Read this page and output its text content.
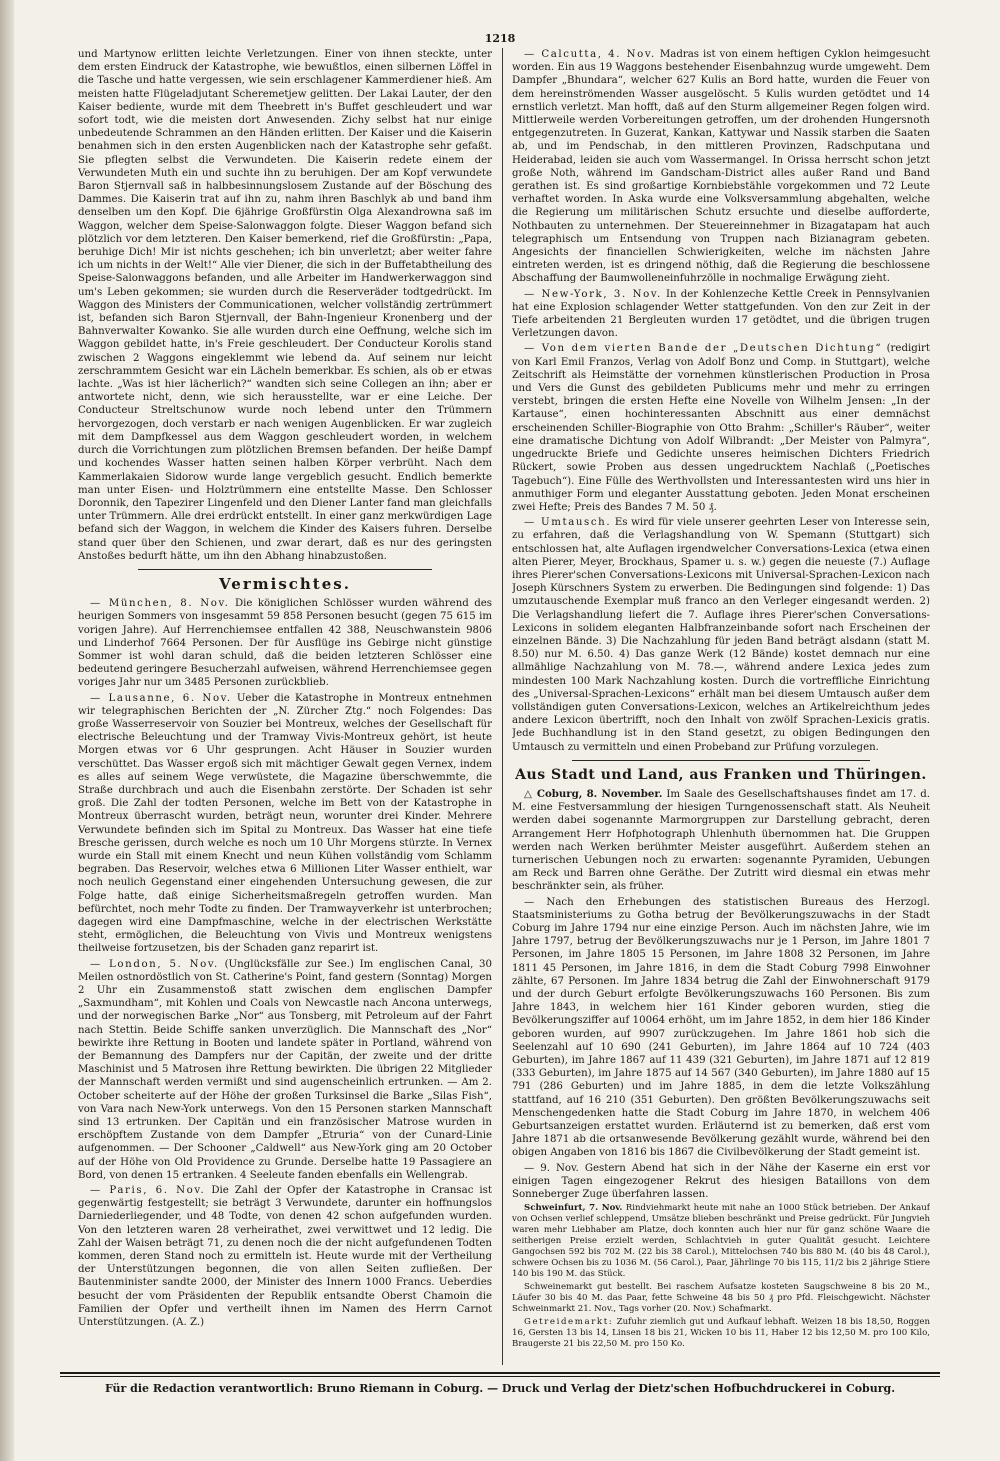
1218

und Martynow erlitten leichte Verletzungen. Einer von ihnen steckte, unter dem ersten Eindruck der Katastrophe, wie bewußtlos, einen silbernen Löffel in die Tasche und hatte vergessen, wie sein erschlagener Kammerdiener hieß. Am meisten hatte Flügeladjutant Scheremetjew gelitten. Der Lakai Lauter, der den Kaiser bediente, wurde mit dem Theebrett in's Buffet geschleudert und war sofort todt, wie die meisten dort Anwesenden. Zichy selbst hat nur einige unbedeutende Schrammen an den Händen erlitten. Der Kaiser und die Kaiserin benahmen sich in den ersten Augenblicken nach der Katastrophe sehr gefaßt. Sie pflegten selbst die Verwundeten. Die Kaiserin redete einem der Verwundeten Muth ein und suchte ihn zu beruhigen. Der am Kopf verwundete Baron Stjernvall saß in halbbesinnungslosem Zustande auf der Böschung des Dammes. Die Kaiserin trat auf ihn zu, nahm ihren Baschlyk ab und band ihm denselben um den Kopf. Die 6jährige Großfürstin Olga Alexandrowna saß im Waggon, welcher dem Speise-Salonwaggon folgte. Dieser Waggon befand sich plötzlich vor dem letzteren. Den Kaiser bemerkend, rief die Großfürstin: „Papa, beruhige Dich! Mir ist nichts geschehen; ich bin unverletzt; aber weiter fahre ich um nichts in der Welt!“ Alle vier Diener, die sich in der Buffetabtheilung des Speise-Salonwaggons befanden, und alle Arbeiter im Handwerkerwaggon sind um's Leben gekommen; sie wurden durch die Reserveräder todtgedrückt. Im Waggon des Ministers der Communicationen, welcher vollständig zertrümmert ist, befanden sich Baron Stjernvall, der Bahn-Ingenieur Kronenberg und der Bahnverwalter Kowanko. Sie alle wurden durch eine Oeffnung, welche sich im Waggon gebildet hatte, in's Freie geschleudert. Der Conducteur Korolis stand zwischen 2 Waggons eingeklemmt wie lebend da. Auf seinem nur leicht zerschrammtem Gesicht war ein Lächeln bemerkbar. Es schien, als ob er etwas lachte. „Was ist hier lächerlich?“ wandten sich seine Collegen an ihn; aber er antwortete nicht, denn, wie sich herausstellte, war er eine Leiche. Der Conducteur Streltschunow wurde noch lebend unter den Trümmern hervorgezogen, doch verstarb er nach wenigen Augenblicken. Er war zugleich mit dem Dampfkessel aus dem Waggon geschleudert worden, in welchem durch die Vorrichtungen zum plötzlichen Bremsen befanden. Der heiße Dampf und kochendes Wasser hatten seinen halben Körper verbrüht. Nach dem Kammerlakaien Sidorow wurde lange vergeblich gesucht. Endlich bemerkte man unter Eisen- und Holztrümmern eine entstellte Masse. Den Schlosser Doronnik, den Tapezirer Lingenfeld und den Diener Lanter fand man gleichfalls unter Trümmern. Alle drei erdrückt entstellt. In einer ganz merkwürdigen Lage befand sich der Waggon, in welchem die Kinder des Kaisers fuhren. Derselbe stand quer über den Schienen, und zwar derart, daß es nur des geringsten Anstoßes bedurft hätte, um ihn den Abhang hinabzustoßen.

Vermischtes.

— München, 8. Nov. Die königlichen Schlösser wurden während des heurigen Sommers von insgesammt 59 858 Personen besucht (gegen 75 615 im vorigen Jahre). Auf Herrenchiemsee entfallen 42 388, Neuschwanstein 9806 und Linderhof 7664 Personen. Der für Ausflüge ins Gebirge nicht günstige Sommer ist wohl daran schuld, daß die beiden letzteren Schlösser eine bedeutend geringere Besucherzahl aufweisen, während Herrenchiemsee gegen voriges Jahr nur um 3485 Personen zurückblieb.

— Lausanne, 6. Nov. Ueber die Katastrophe in Montreux entnehmen wir telegraphischen Berichten der „N. Zürcher Ztg.“ noch Folgendes: Das große Wasserreservoir von Souzier bei Montreux, welches der Gesellschaft für electrische Beleuchtung und der Tramway Vivis-Montreux gehört, ist heute Morgen etwas vor 6 Uhr gesprungen. Acht Häuser in Souzier wurden verschüttet. Das Wasser ergoß sich mit mächtiger Gewalt gegen Vernex, indem es alles auf seinem Wege verwüstete, die Magazine überschwemmte, die Straße durchbrach und auch die Eisenbahn zerstörte. Der Schaden ist sehr groß. Die Zahl der todten Personen, welche im Bett von der Katastrophe in Montreux überrascht wurden, beträgt neun, worunter drei Kinder. Mehrere Verwundete befinden sich im Spital zu Montreux. Das Wasser hat eine tiefe Bresche gerissen, durch welche es noch um 10 Uhr Morgens stürzte. In Vernex wurde ein Stall mit einem Knecht und neun Kühen vollständig vom Schlamm begraben. Das Reservoir, welches etwa 6 Millionen Liter Wasser enthielt, war noch neulich Gegenstand einer eingehenden Untersuchung gewesen, die zur Folge hatte, daß einige Sicherheitsmaßregeln getroffen wurden. Man befürchtet, noch mehr Todte zu finden. Der Tramwayverkehr ist unterbrochen; dagegen wird eine Dampfmaschine, welche in der electrischen Werkstätte steht, ermöglichen, die Beleuchtung von Vivis und Montreux wenigstens theilweise fortzusetzen, bis der Schaden ganz reparirt ist.

— London, 5. Nov. (Unglücksfälle zur See.) Im englischen Canal, 30 Meilen ostnordöstlich von St. Catherine's Point, fand gestern (Sonntag) Morgen 2 Uhr ein Zusammenstoß statt zwischen dem englischen Dampfer „Saxmundham“, mit Kohlen und Coals von Newcastle nach Ancona unterwegs, und der norwegischen Barke „Nor“ aus Tonsberg, mit Petroleum auf der Fahrt nach Stettin. Beide Schiffe sanken unverzüglich. Die Mannschaft des „Nor“ bewirkte ihre Rettung in Booten und landete später in Portland, während von der Bemannung des Dampfers nur der Capitän, der zweite und der dritte Maschinist und 5 Matrosen ihre Rettung bewirkten. Die übrigen 22 Mitglieder der Mannschaft werden vermißt und sind augenscheinlich ertrunken. — Am 2. October scheiterte auf der Höhe der großen Turksinsel die Barke „Silas Fish“, von Vara nach New-York unterwegs. Von den 15 Personen starken Mannschaft sind 13 ertrunken. Der Capitän und ein französischer Matrose wurden in erschöpftem Zustande von dem Dampfer „Etruria“ von der Cunard-Linie aufgenommen. — Der Schooner „Caldwell“ aus New-York ging am 20 October auf der Höhe von Old Providence zu Grunde. Derselbe hatte 19 Passagiere an Bord, von denen 15 ertranken. 4 Seeleute fanden ebenfalls ein Wellengrab.

— Paris, 6. Nov. Die Zahl der Opfer der Katastrophe in Cransac ist gegenwärtig festgestellt; sie beträgt 3 Verwundete, darunter ein hoffnungslos Darniederliegender, und 48 Todte, von denen 42 schon aufgefunden wurden. Von den letzteren waren 28 verheirathet, zwei verwittwet und 12 ledig. Die Zahl der Waisen beträgt 71, zu denen noch die der nicht aufgefundenen Todten kommen, deren Stand noch zu ermitteln ist. Heute wurde mit der Vertheilung der Unterstützungen begonnen, die von allen Seiten zufließen. Der Bautenminister sandte 2000, der Minister des Innern 1000 Francs. Ueberdies besucht der vom Präsidenten der Republik entsandte Oberst Chamoin die Familien der Opfer und vertheilt ihnen im Namen des Herrn Carnot Unterstützungen. (A. Z.)

— Calcutta, 4. Nov. Madras ist von einem heftigen Cyklon heimgesucht worden. Ein aus 19 Waggons bestehender Eisenbahnzug wurde umgeweht. Dem Dampfer „Bhundara“, welcher 627 Kulis an Bord hatte, wurden die Feuer von dem hereinströmenden Wasser ausgelöscht. 5 Kulis wurden getödtet und 14 ernstlich verletzt. Man hofft, daß auf den Sturm allgemeiner Regen folgen wird. Mittlerweile werden Vorbereitungen getroffen, um der drohenden Hungersnoth entgegenzutreten. In Guzerat, Kankan, Kattywar und Nassik starben die Saaten ab, und im Pendschab, in den mittleren Provinzen, Radschputana und Heiderabad, leiden sie auch vom Wassermangel. In Orissa herrscht schon jetzt große Noth, während im Gandscham-District alles außer Rand und Band gerathen ist. Es sind großartige Kornbiebstähle vorgekommen und 72 Leute verhaftet worden. In Aska wurde eine Volksversammlung abgehalten, welche die Regierung um militärischen Schutz ersuchte und dieselbe aufforderte, Nothbauten zu unternehmen. Der Steuereinnehmer in Bizagatapam hat auch telegraphisch um Entsendung von Truppen nach Bizianagram gebeten. Angesichts der financiellen Schwierigkeiten, welche im nächsten Jahre eintreten werden, ist es dringend nöthig, daß die Regierung die beschlossene Abschaffung der Baumwolleneinfuhrzölle in nochmalige Erwägung zieht.

— New-York, 3. Nov. In der Kohlenzeche Kettle Creek in Pennsylvanien hat eine Explosion schlagender Wetter stattgefunden. Von den zur Zeit in der Tiefe arbeitenden 21 Bergleuten wurden 17 getödtet, und die übrigen trugen Verletzungen davon.

— Von dem vierten Bande der „Deutschen Dichtung“ (redigirt von Karl Emil Franzos, Verlag von Adolf Bonz und Comp. in Stuttgart), welche Zeitschrift als Heimstätte der vornehmen künstlerischen Production in Prosa und Vers die Gunst des gebildeten Publicums mehr und mehr zu erringen verstebt, bringen die ersten Hefte eine Novelle von Wilhelm Jensen: „In der Kartause“, einen hochinteressanten Abschnitt aus einer demnächst erscheinenden Schiller-Biographie von Otto Brahm: „Schiller's Räuber“, weiter eine dramatische Dichtung von Adolf Wilbrandt: „Der Meister von Palmyra“, ungedruckte Briefe und Gedichte unseres heimischen Dichters Friedrich Rückert, sowie Proben aus dessen ungedrucktem Nachlaß („Poetisches Tagebuch“). Eine Fülle des Werthvollsten und Interessantesten wird uns hier in anmuthiger Form und eleganter Ausstattung geboten. Jeden Monat erscheinen zwei Hefte; Preis des Bandes 7 M. 50 ₰.

— Umtausch. Es wird für viele unserer geehrten Leser von Interesse sein, zu erfahren, daß die Verlagshandlung von W. Spemann (Stuttgart) sich entschlossen hat, alte Auflagen irgendwelcher Conversations-Lexica (etwa einen alten Pierer, Meyer, Brockhaus, Spamer u. s. w.) gegen die neueste (7.) Auflage ihres Pierer'schen Conversations-Lexicons mit Universal-Sprachen-Lexicon nach Joseph Kürschners System zu erwerben. Die Bedingungen sind folgende: 1) Das umzutauschende Exemplar muß franco an den Verleger eingesandt werden. 2) Die Verlagshandlung liefert die 7. Auflage ihres Pierer'schen Conversations-Lexicons in solidem eleganten Halbfranzeinbande sofort nach Erscheinen der einzelnen Bände. 3) Die Nachzahlung für jeden Band beträgt alsdann (statt M. 8.50) nur M. 6.50. 4) Das ganze Werk (12 Bände) kostet demnach nur eine allmählige Nachzahlung von M. 78.—, während andere Lexica jedes zum mindesten 100 Mark Nachzahlung kosten. Durch die vortreffliche Einrichtung des „Universal-Sprachen-Lexicons“ erhält man bei diesem Umtausch außer dem vollständigen guten Conversations-Lexicon, welches an Artikelreichthum jedes andere Lexicon übertrifft, noch den Inhalt von zwölf Sprachen-Lexicis gratis. Jede Buchhandlung ist in den Stand gesetzt, zu obigen Bedingungen den Umtausch zu vermitteln und einen Probeband zur Prüfung vorzulegen.

Aus Stadt und Land, aus Franken und Thüringen.

△ Coburg, 8. November. Im Saale des Gesellschaftshauses findet am 17. d. M. eine Festversammlung der hiesigen Turngenossenschaft statt. Als Neuheit werden dabei sogenannte Marmorgruppen zur Darstellung gebracht, deren Arrangement Herr Hofphotograph Uhlenhuth übernommen hat. Die Gruppen werden nach Werken berühmter Meister ausgeführt. Außerdem stehen an turnerischen Uebungen noch zu erwarten: sogenannte Pyramiden, Uebungen am Reck und Barren ohne Geräthe. Der Zutritt wird diesmal ein etwas mehr beschränkter sein, als früher.

— Nach den Erhebungen des statistischen Bureaus des Herzogl. Staatsministeriums zu Gotha betrug der Bevölkerungszuwachs in der Stadt Coburg im Jahre 1794 nur eine einzige Person. Auch im nächsten Jahre, wie im Jahre 1797, betrug der Bevölkerungszuwachs nur je 1 Person, im Jahre 1801 7 Personen, im Jahre 1805 15 Personen, im Jahre 1808 32 Personen, im Jahre 1811 45 Personen, im Jahre 1816, in dem die Stadt Coburg 7998 Einwohner zählte, 67 Personen. Im Jahre 1834 betrug die Zahl der Einwohnerschaft 9179 und der durch Geburt erfolgte Bevölkerungszuwachs 160 Personen. Bis zum Jahre 1843, in welchem hier 161 Kinder geboren wurden, stieg die Bevölkerungsziffer auf 10064 erhöht, um im Jahre 1852, in dem hier 186 Kinder geboren wurden, auf 9907 zurückzugehen. Im Jahre 1861 hob sich die Seelenzahl auf 10 690 (241 Geburten), im Jahre 1864 auf 10 724 (403 Geburten), im Jahre 1867 auf 11 439 (321 Geburten), im Jahre 1871 auf 12 819 (333 Geburten), im Jahre 1875 auf 14 567 (340 Geburten), im Jahre 1880 auf 15 791 (286 Geburten) und im Jahre 1885, in dem die letzte Volkszählung stattfand, auf 16 210 (351 Geburten). Den größten Bevölkerungszuwachs seit Menschengedenken hatte die Stadt Coburg im Jahre 1870, in welchem 406 Geburtsanzeigen erstattet wurden. Erläuternd ist zu bemerken, daß erst vom Jahre 1871 ab die ortsanwesende Bevölkerung gezählt wurde, während bei den obigen Angaben von 1816 bis 1867 die Civilbevölkerung der Stadt gemeint ist.

— 9. Nov. Gestern Abend hat sich in der Nähe der Kaserne ein erst vor einigen Tagen eingezogener Rekrut des hiesigen Bataillons von dem Sonneberger Zuge überfahren lassen.

Schweinfurt, 7. Nov. Rindviehmarkt heute mit nahe an 1000 Stück betrieben. Der Ankauf von Ochsen verlief schleppend, Umsätze blieben beschränkt und Preise gedrückt. Für Jungvieh waren mehr Liebhaber am Platze, doch konnten auch hier nur für ganz schöne Waare die seitherigen Preise erzielt werden, Schlachtvieh in guter Qualität gesucht. Leichtere Gangochsen 592 bis 702 M. (22 bis 38 Carol.), Mittelochsen 740 bis 880 M. (40 bis 48 Carol.), schwere Ochsen bis zu 1036 M. (56 Carol.), Paar, Jährlinge 70 bis 115, 11/2 bis 2 jährige Stiere 140 bis 190 M. das Stück.

Schweinemarkt gut bestellt. Bei raschem Aufsatze kosteten Saugschweine 8 bis 20 M., Läufer 30 bis 40 M. das Paar, fette Schweine 48 bis 50 ₰ pro Pfd. Fleischgewicht. Nächster Schweinmarkt 21. Nov., Tags vorher (20. Nov.) Schafmarkt.

Getreidemarkt: Zufuhr ziemlich gut und Aufkauf lebhaft. Weizen 18 bis 18,50, Roggen 16, Gersten 13 bis 14, Linsen 18 bis 21, Wicken 10 bis 11, Haber 12 bis 12,50 M. pro 100 Kilo, Braugerste 21 bis 22,50 M. pro 150 Ko.

Für die Redaction verantwortlich: Bruno Riemann in Coburg. — Druck und Verlag der Dietz'schen Hofbuchdruckerei in Coburg.
